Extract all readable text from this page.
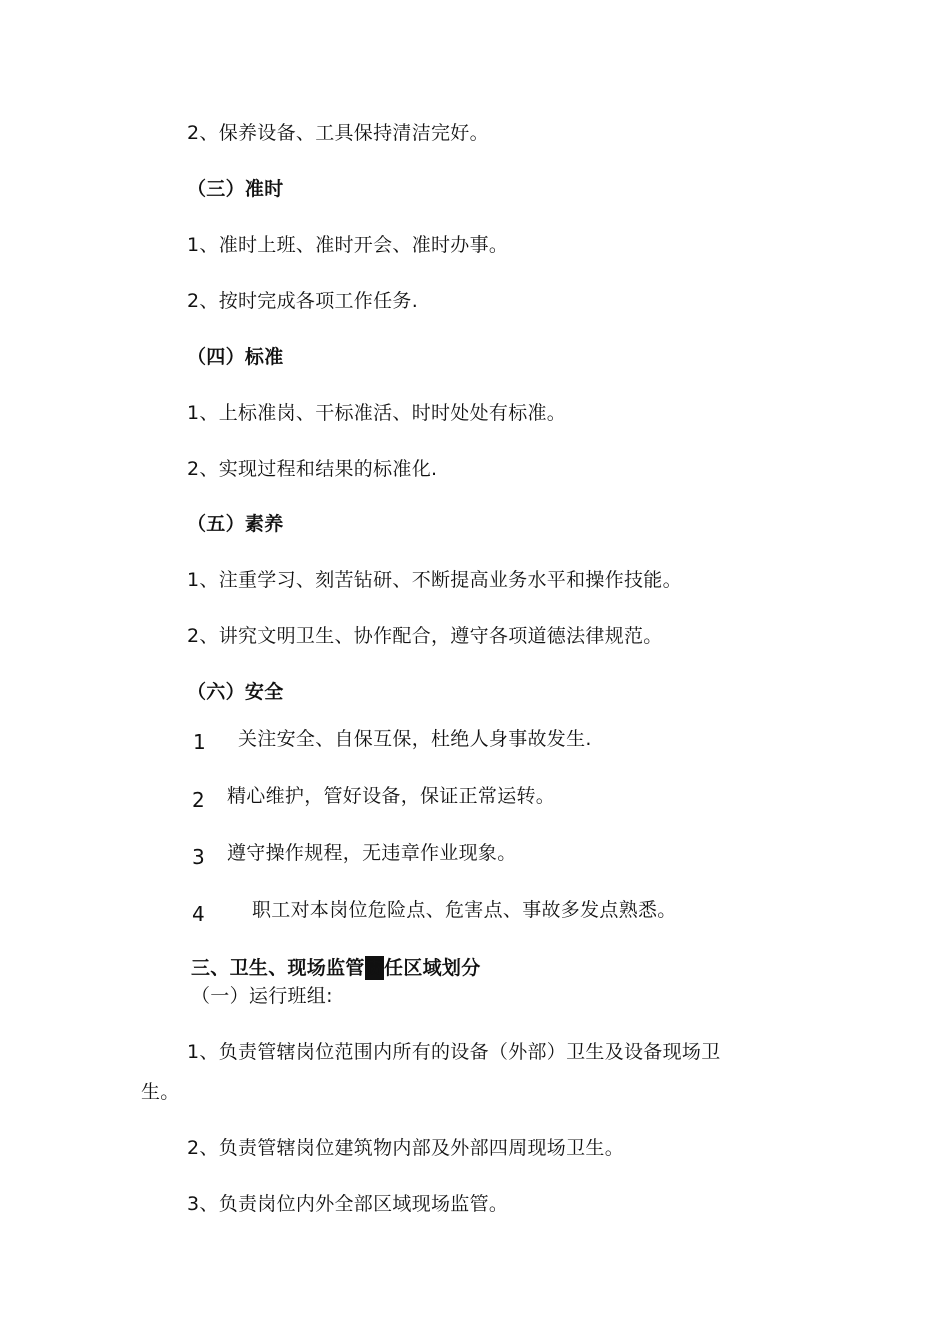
2、保养设备、工具保持清洁完好。
（三）准时
1、准时上班、准时开会、准时办事。
2、按时完成各项工作任务.
（四）标准
1、上标准岗、干标准活、时时处处有标准。
2、实现过程和结果的标准化.
（五）素养
1、注重学习、刻苦钻研、不断提高业务水平和操作技能。
2、讲究文明卫生、协作配合，遵守各项道德法律规范。
（六）安全
1 关注安全、自保互保，杜绝人身事故发生.
2 精心维护，管好设备，保证正常运转。
3 遵守操作规程，无违章作业现象。
4 职工对本岗位危险点、危害点、事故多发点熟悉。
三、卫生、现场监管责任区域划分
（一）运行班组:
1、负责管辖岗位范围内所有的设备（外部）卫生及设备现场卫
生。
2、负责管辖岗位建筑物内部及外部四周现场卫生。
3、负责岗位内外全部区域现场监管。
